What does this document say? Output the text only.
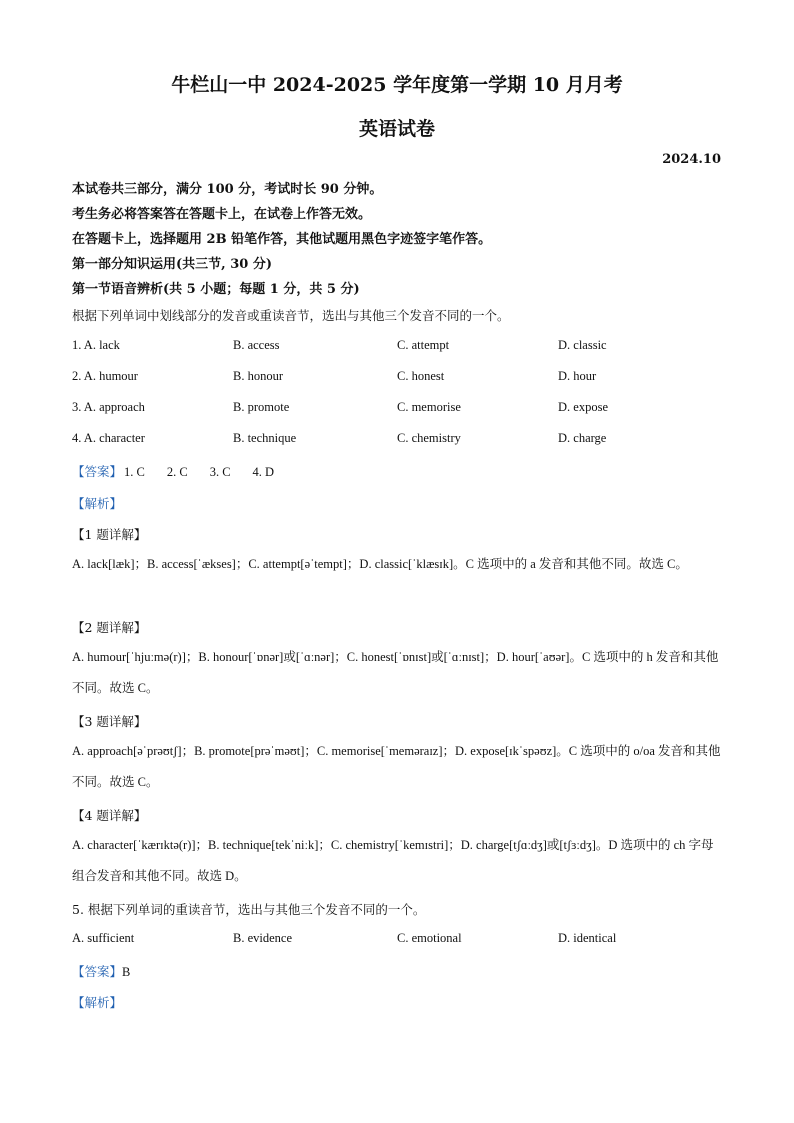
牛栏山一中 2024-2025 学年度第一学期 10 月月考
英语试卷
2024.10
本试卷共三部分，满分 100 分，考试时长 90 分钟。
考生务必将答案答在答题卡上，在试卷上作答无效。
在答题卡上，选择题用 2B 铅笔作答，其他试题用黑色字迹签字笔作答。
第一部分知识运用(共三节, 30 分)
第一节语音辨析(共 5 小题；每题 1 分，共 5 分)
根据下列单词中划线部分的发音或重读音节，选出与其他三个发音不同的一个。
1. A. lack	B. access	C. attempt	D. classic
2. A. humour	B. honour	C. honest	D. hour
3. A. approach	B. promote	C. memorise	D. expose
4. A. character	B. technique	C. chemistry	D. charge
【答案】 1. C 2. C 3. C 4. D
【解析】
【1 题详解】
A. lack[læk]；B. access[ˈækses]；C. attempt[əˈtempt]；D. classic[ˈklæsɪk]。C 选项中的 a 发音和其他不同。故选 C。
【2 题详解】
A. humour[ˈhjuːmə(r)]；B. honour[ˈɒnər]或[ˈɑːnər]；C. honest[ˈɒnɪst]或[ˈɑːnɪst]；D. hour[ˈaʊər]。C 选项中的 h 发音和其他不同。故选 C。
【3 题详解】
A. approach[əˈprəʊtʃ]；B. promote[prəˈməʊt]；C. memorise[ˈmeməraɪz]；D. expose[ɪkˈspəʊz]。C 选项中的 o/oa 发音和其他不同。故选 C。
【4 题详解】
A. character[ˈkærɪktə(r)]；B. technique[tekˈniːk]；C. chemistry[ˈkemɪstri]；D. charge[tʃɑːdʒ]或[tʃɜːdʒ]。D 选项中的 ch 字母组合发音和其他不同。故选 D。
5. 根据下列单词的重读音节，选出与其他三个发音不同的一个。
A. sufficient	B. evidence	C. emotional	D. identical
【答案】B
【解析】
